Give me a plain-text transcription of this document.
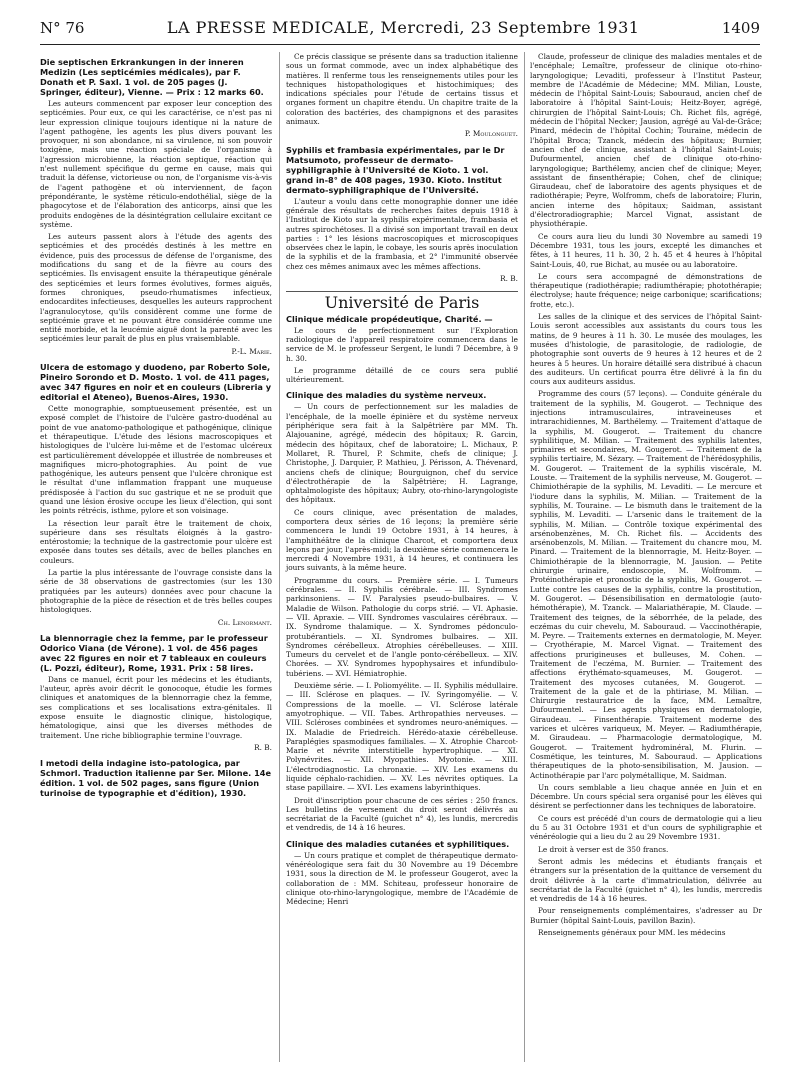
N° 76	LA PRESSE MEDICALE, Mercredi, 23 Septembre 1931	1409
Die septischen Erkrankungen in der inneren Medizin (Les septicémies médicales), par F. Donath et P. Saxl. 1 vol. de 205 pages (J. Springer, éditeur), Vienne. — Prix : 12 marks 60.

Les auteurs commencent par exposer leur conception des septicémies. Pour eux, ce qui les caractérise, ce n'est pas ni leur expression clinique toujours identique ni la nature de l'agent pathogène, les agents les plus divers pouvant les provoquer, ni son abondance, ni sa virulence, ni son pouvoir toxigène, mais une réaction spéciale de l'organisme à l'agression microbienne, la réaction septique, réaction qui n'est nullement spécifique du germe en cause, mais qui traduit la défense, victorieuse ou non, de l'organisme vis-à-vis de l'agent pathogène et où interviennent, de façon prépondérante, le système réticulo-endothélial, siège de la phagocytose et de l'élaboration des anticorps, ainsi que les produits endogènes de la désintégration cellulaire excitant ce système.

Les auteurs passent alors à l'étude des agents des septicémies et des procédés destinés à les mettre en évidence, puis des processus de défense de l'organisme, des modifications du sang et de la fièvre au cours des septicémies. Ils envisagent ensuite la thérapeutique générale des septicémies et leurs formes évolutives, formes aiguës, formes chroniques, pseudo-rhumatismes infectieux, endocardites infectieuses, desquelles les auteurs rapprochent l'agranulocytose, qu'ils considèrent comme une forme de septicémie grave et ne pouvant être considérée comme une entité morbide, et la leucémie aiguë dont la parenté avec les septicémies leur paraît de plus en plus vraisemblable.

P.-L. Marie.
Ulcera de estomago y duodeno, par Roberto Sole, Pineiro Sorondo et D. Mosto. 1 vol. de 411 pages, avec 347 figures en noir et en couleurs (Libreria y editorial el Ateneo), Buenos-Aires, 1930.

Cette monographie, somptueusement présentée, est un exposé complet de l'histoire de l'ulcère gastro-duodénal au point de vue anatomo-pathologique et pathogénique, clinique et thérapeutique. L'étude des lésions macroscopiques et histologiques de l'ulcère lui-même et de l'estomac ulcéreux est particulièrement développée et illustrée de nombreuses et magnifiques micro-photographies. Au point de vue pathogénique, les auteurs pensent que l'ulcère chronique est le résultat d'une inflammation frappant une muqueuse prédisposée à l'action du suc gastrique et ne se produit que quand une lésion érosive occupe les lieux d'élection, qui sont les points rétrécis, isthme, pylore et son voisinage.

La résection leur paraît être le traitement de choix, supérieure dans ses résultats éloignés à la gastro-entérostomie; la technique de la gastrectomie pour ulcère est exposée dans toutes ses détails, avec de belles planches en couleurs.

La partie la plus intéressante de l'ouvrage consiste dans la série de 38 observations de gastrectomies (sur les 130 pratiquées par les auteurs) données avec pour chacune la photographie de la pièce de résection et de très belles coupes histologiques.

Ch. Lenormant.
La blennorragie chez la femme, par le professeur Odorico Viana (de Vérone). 1 vol. de 456 pages avec 22 figures en noir et 7 tableaux en couleurs (L. Pozzi, éditeur), Rome, 1931. Prix : 58 lires.

Dans ce manuel, écrit pour les médecins et les étudiants, l'auteur, après avoir décrit le gonocoque, étudie les formes cliniques et anatomiques de la blennorragie chez la femme, ses complications et ses localisations extra-génitales. Il expose ensuite le diagnostic clinique, histologique, hématologique, ainsi que les diverses méthodes de traitement. Une riche bibliographie termine l'ouvrage.

R. B.
I metodi della indagine isto-patologica, par Schmorl. Traduction italienne par Ser. Milone. 14e édition. 1 vol. de 502 pages, sans figure (Union turinoise de typographie et d'édition), 1930.

Ce précis classique se présente dans sa traduction italienne sous un format commode, avec un index alphabétique des matières. Il renferme tous les renseignements utiles pour les techniques histopathologiques et histochimiques; des indications spéciales pour l'étude de certains tissus et organes forment un chapitre étendu. Un chapitre traite de la coloration des bactéries, des champignons et des parasites animaux.

P. Moulonguet.
Syphilis et frambasia expérimentales, par le Dr Matsumoto, professeur de dermato-syphiligraphie à l'Université de Kioto. 1 vol. grand in-8° de 408 pages, 1930. Kioto. Institut dermato-syphiligraphique de l'Université.

L'auteur a voulu dans cette monographie donner une idée générale des résultats de recherches faites depuis 1918 à l'Institut de Kioto sur la syphilis expérimentale, frambasia et autres spirochétoses. Il a divisé son important travail en deux parties : 1° les lésions macroscopiques et microscopiques observées chez le lapin, le cobaye, les souris après inoculation de la syphilis et de la frambasia, et 2° l'immunité observée chez ces mêmes animaux avec les mêmes affections.

R. B.
Université de Paris
Clinique médicale propédeutique, Charité. —

Le cours de perfectionnement sur l'Exploration radiologique de l'appareil respiratoire commencera dans le service de M. le professeur Sergent, le lundi 7 Décembre, à 9 h. 30.

Le programme détaillé de ce cours sera publié ultérieurement.

Clinique des maladies du système nerveux.

— Un cours de perfectionnement sur les maladies de l'encéphale, de la moelle épinière et du système nerveux périphérique sera fait à la Salpêtrière par MM. Th. Alajouanine, agrégé, médecin des hôpitaux; R. Garcin, médecin des hôpitaux, chef de laboratoire; L. Michaux, P. Mollaret, R. Thurel, P. Schmite, chefs de clinique; J. Christophe, J. Darquier, P. Mathieu, J. Périsson, A. Thévenard, anciens chefs de clinique; Bourguignon, chef du service d'électrothérapie de la Salpêtrière; H. Lagrange, ophtalmologiste des hôpitaux; Aubry, oto-rhino-laryngologiste des hôpitaux.

Ce cours clinique, avec présentation de malades, comportera deux séries de 16 leçons; la première série commencera le lundi 19 Octobre 1931, à 14 heures, à l'amphithéâtre de la clinique Charcot, et comportera deux leçons par jour, l'après-midi; la deuxième série commencera le mercredi 4 Novembre 1931, à 14 heures, et continuera les jours suivants, à la même heure.

Programme du cours. — Première série. — I. Tumeurs cérébrales. — II. Syphilis cérébrale. — III. Syndromes parkinsoniens. — IV. Paralysies pseudo-bulbaires. — V. Maladie de Wilson. Pathologie du corps strié. — VI. Aphasie. — VII. Apraxie. — VIII. Syndromes vasculaires cérébraux. — IX. Syndrome thalamique. — X. Syndromes pédonculo-protubérantiels. — XI. Syndromes bulbaires. — XII. Syndromes cérébelleux. Atrophies cérébelleuses. — XIII. Tumeurs du cervelet et de l'angle ponto-cérébelleux. — XIV. Chorées. — XV. Syndromes hypophysaires et infundibulo-tubériens. — XVI. Hémiatrophie.

Deuxième série. — I. Poliomyélite. — II. Syphilis médullaire. — III. Sclérose en plaques. — IV. Syringomyélie. — V. Compressions de la moelle. — VI. Sclérose latérale amyotrophique. — VII. Tabes. Arthropathies nerveuses. — VIII. Scléroses combinées et syndromes neuro-anémiques. — IX. Maladie de Friedreich. Hérédo-ataxie cérébelleuse. Paraplégies spasmodiques familiales. — X. Atrophie Charcot-Marie et névrite interstitielle hypertrophique. — XI. Polynévrites. — XII. Myopathies. Myotonie. — XIII. L'électrodiagnostic. La chronaxie. — XIV. Les examens du liquide céphalo-rachidien. — XV. Les névrites optiques. La stase papillaire. — XVI. Les examens labyrinthiques.

Droit d'inscription pour chacune de ces séries : 250 francs. Les bulletins de versement du droit seront délivrés au secrétariat de la Faculté (guichet n° 4), les lundis, mercredis et vendredis, de 14 à 16 heures.

Clinique des maladies cutanées et syphilitiques.

— Un cours pratique et complet de thérapeutique dermato-vénéréologique sera fait du 30 Novembre au 19 Décembre 1931, sous la direction de M. le professeur Gougerot, avec la collaboration de : MM. Schiteau, professeur honoraire de clinique oto-rhino-laryngologique, membre de l'Académie de Médecine; Henri

Claude, professeur de clinique des maladies mentales et de l'encéphale; Lemaître, professeur de clinique oto-rhino-laryngologique; Levaditi, professeur à l'Institut Pasteur, membre de l'Académie de Médecine; MM. Milian, Louste, médecin de l'hôpital Saint-Louis; Sabouraud, ancien chef de laboratoire à l'hôpital Saint-Louis; Heitz-Boyer, agrégé, chirurgien de l'hôpital Saint-Louis; Ch. Richet fils, agrégé, médecin de l'hôpital Necker; Jausion, agrégé au Val-de-Grâce; Pinard, médecin de l'hôpital Cochin; Touraine, médecin de l'hôpital Broca; Tzanck, médecin des hôpitaux; Burnier, ancien chef de clinique, assistant à l'hôpital Saint-Louis; Dufourmentel, ancien chef de clinique oto-rhino-laryngologique; Barthélemy, ancien chef de clinique; Meyer, assistant de finsenthérapie; Cohen, chef de clinique; Giraudeau, chef de laboratoire des agents physiques et de radiothérapie; Peyre, Wolfromm, chefs de laboratoire; Flurin, ancien interne des hôpitaux; Saidman, assistant d'électroradiographie; Marcel Vignat, assistant de physiothérapie.

Ce cours aura lieu du lundi 30 Novembre au samedi 19 Décembre 1931, tous les jours, excepté les dimanches et fêtes, à 11 heures, 11 h. 30, 2 h. 45 et 4 heures à l'hôpital Saint-Louis, 40, rue Bichat, au musée ou au laboratoire.

Le cours sera accompagné de démonstrations de thérapeutique (radiothérapie; radiumthérapie; photothérapie; électrolyse; haute fréquence; neige carbonique; scarifications; frotte, etc.).

Les salles de la clinique et des services de l'hôpital Saint-Louis seront accessibles aux assistants du cours tous les matins, de 9 heures à 11 h. 30. Le musée des moulages, les musées d'histologie, de parasitologie, de radiologie, de photographie sont ouverts de 9 heures à 12 heures et de 2 heures à 5 heures. Un horaire détaillé sera distribué à chacun des auditeurs. Un certificat pourra être délivré à la fin du cours aux auditeurs assidus.

Programme des cours (57 leçons). — Conduite générale du traitement de la syphilis, M. Gougerot. — Technique des injections intramusculaires, intraveineuses et intrarachidiennes, M. Barthélemy. — Traitement d'attaque de la syphilis, M. Gougerot. — Traitement du chancre syphilitique, M. Milian. — Traitement des syphilis latentes, primaires et secondaires, M. Gougerot. — Traitement de la syphilis tertiaire, M. Sézary. — Traitement de l'hérédosyphilis, M. Gougerot. — Traitement de la syphilis viscérale, M. Louste. — Traitement de la syphilis nerveuse, M. Gougerot. — Chimiothérapie de la syphilis, M. Levaditi. — Le mercure et l'iodure dans la syphilis, M. Milian. — Traitement de la syphilis, M. Touraine. — Le bismuth dans le traitement de la syphilis, M. Levaditi. — L'arsenic dans le traitement de la syphilis, M. Milian. — Contrôle toxique expérimental des arsénobenzènes, M. Ch. Richet fils. — Accidents des arsénobenzols, M. Milian. — Traitement du chancre mou, M. Pinard. — Traitement de la blennorragie, M. Heitz-Boyer. — Chimiothérapie de la blennorragie, M. Jausion. — Petite chirurgie urinaire, endoscopie, M. Wolfromm. — Protéinothérapie et pronostic de la syphilis, M. Gougerot. — Lutte contre les causes de la syphilis, contre la prostitution, M. Gougerot. — Désensibilisation en dermatologie (auto-hémothérapie), M. Tzanck. — Malariathérapie, M. Claude. — Traitement des teignes, de la séborrhée, de la pelade, des eczémas du cuir chevelu, M. Sabouraud. — Vaccinothérapie, M. Peyre. — Traitements externes en dermatologie, M. Meyer. — Cryothérapie, M. Marcel Vignat. — Traitement des affections prurigineuses et bulleuses, M. Cohen. — Traitement de l'eczéma, M. Burnier. — Traitement des affections érythémato-squameuses, M. Gougerot. — Traitement des mycoses cutanées, M. Gougerot. — Traitement de la gale et de la phtiriase, M. Milian. — Chirurgie restauratrice de la face, MM. Lemaître, Dufourmentel. — Les agents physiques en dermatologie, Giraudeau. — Finsenthérapie. Traitement moderne des varices et ulcères variqueux, M. Meyer. — Radiumthérapie, M. Giraudeau. — Pharmacologie dermatologique, M. Gougerot. — Traitement hydrominéral, M. Flurin. — Cosmétique, les teintures, M. Sabouraud. — Applications thérapeutiques de la photo-sensibilisation, M. Jausion. — Actinothérapie par l'arc polymétallique, M. Saidman.

Un cours semblable a lieu chaque année en Juin et en Décembre. Un cours spécial sera organisé pour les élèves qui désirent se perfectionner dans les techniques de laboratoire.

Ce cours est précédé d'un cours de dermatologie qui a lieu du 5 au 31 Octobre 1931 et d'un cours de syphiligraphie et vénéréologie qui a lieu du 2 au 29 Novembre 1931.

Le droit à verser est de 350 francs.

Seront admis les médecins et étudiants français et étrangers sur la présentation de la quittance de versement du droit délivrée à la carte d'immatriculation, délivrée au secrétariat de la Faculté (guichet n° 4), les lundis, mercredis et vendredis de 14 à 16 heures.

Pour renseignements complémentaires, s'adresser au Dr Burnier (hôpital Saint-Louis, pavillon Bazin).

Renseignements généraux pour MM. les médecins
